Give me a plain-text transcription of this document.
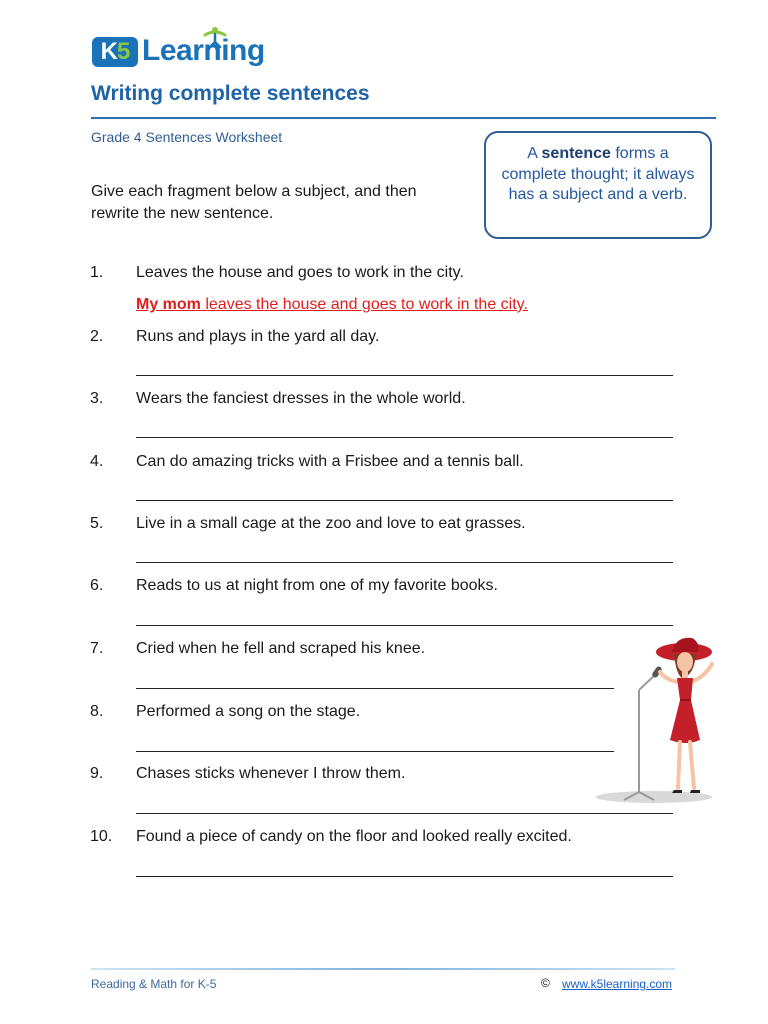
K5 Learning
Writing complete sentences
Grade 4 Sentences Worksheet
A sentence forms a complete thought; it always has a subject and a verb.
Give each fragment below a subject, and then rewrite the new sentence.
1. Leaves the house and goes to work in the city.
My mom leaves the house and goes to work in the city.
2. Runs and plays in the yard all day.
3. Wears the fanciest dresses in the whole world.
4. Can do amazing tricks with a Frisbee and a tennis ball.
5. Live in a small cage at the zoo and love to eat grasses.
6. Reads to us at night from one of my favorite books.
7. Cried when he fell and scraped his knee.
8. Performed a song on the stage.
9. Chases sticks whenever I throw them.
10. Found a piece of candy on the floor and looked really excited.
Reading & Math for K-5	© www.k5learning.com
